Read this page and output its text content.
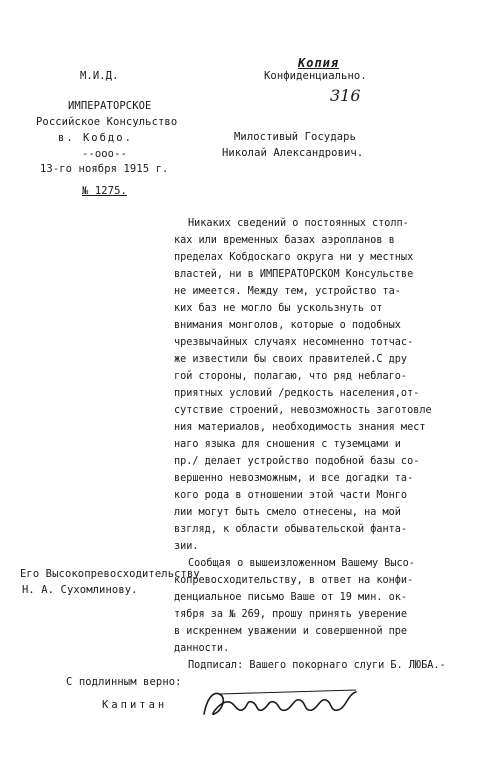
Копия
Конфиденциально.
316
М.И.Д.
ИМПЕРАТОРСКОЕ
Российское Консульство
в. Кобдо.
--ооо--
13-го ноября 1915 г.
№ 1275.
Милостивый Государь
Николай Александрович.
Никаких сведений о постоянных столп-
ках или временных базах аэропланов в
пределах Кобдоскаго округа ни у местных
властей, ни в ИМПЕРАТОРСКОМ Консульстве
не имеется. Между тем, устройство та-
ких баз не могло бы ускользнуть от
внимания монголов, которые о подобных
чрезвычайных случаях несомненно тотчас-
же известили бы своих правителей.С дру
гой стороны, полагаю, что ряд неблаго-
приятных условий /редкость населения,от-
сутствие строений, невозможность заготовле
ния материалов, необходимость знания мест
наго языка для сношения с туземцами и
пр./ делает устройство подобной базы со-
вершенно невозможным, и все догадки та-
кого рода в отношении этой части Монго
лии могут быть смело отнесены, на мой
взгляд, к области обывательской фанта-
зии.
Сообщая о вышеизложенном Вашему Высо-
копревосходительству, в ответ на конфи-
денциальное письмо Ваше от 19 мин. ок-
тября за № 269, прошу принять уверение
в искреннем уважении и совершенной пре
данности.
Подписал: Вашего покорнаго слуги Б. ЛЮБА.-
Его Высокопревосходительству
Н. А. Сухомлинову.
С подлинным верно:
Капитан
